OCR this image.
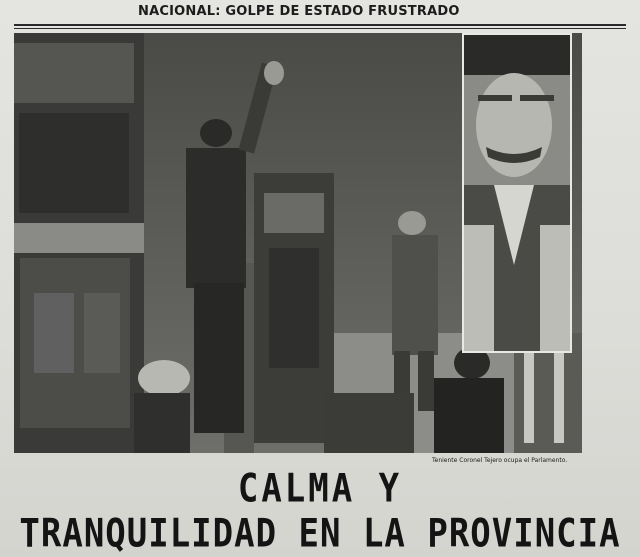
NACIONAL: GOLPE DE ESTADO FRUSTRADO
Teniente Coronel Tejero ocupa el Parlamento.
CALMA Y
TRANQUILIDAD EN LA PROVINCIA
